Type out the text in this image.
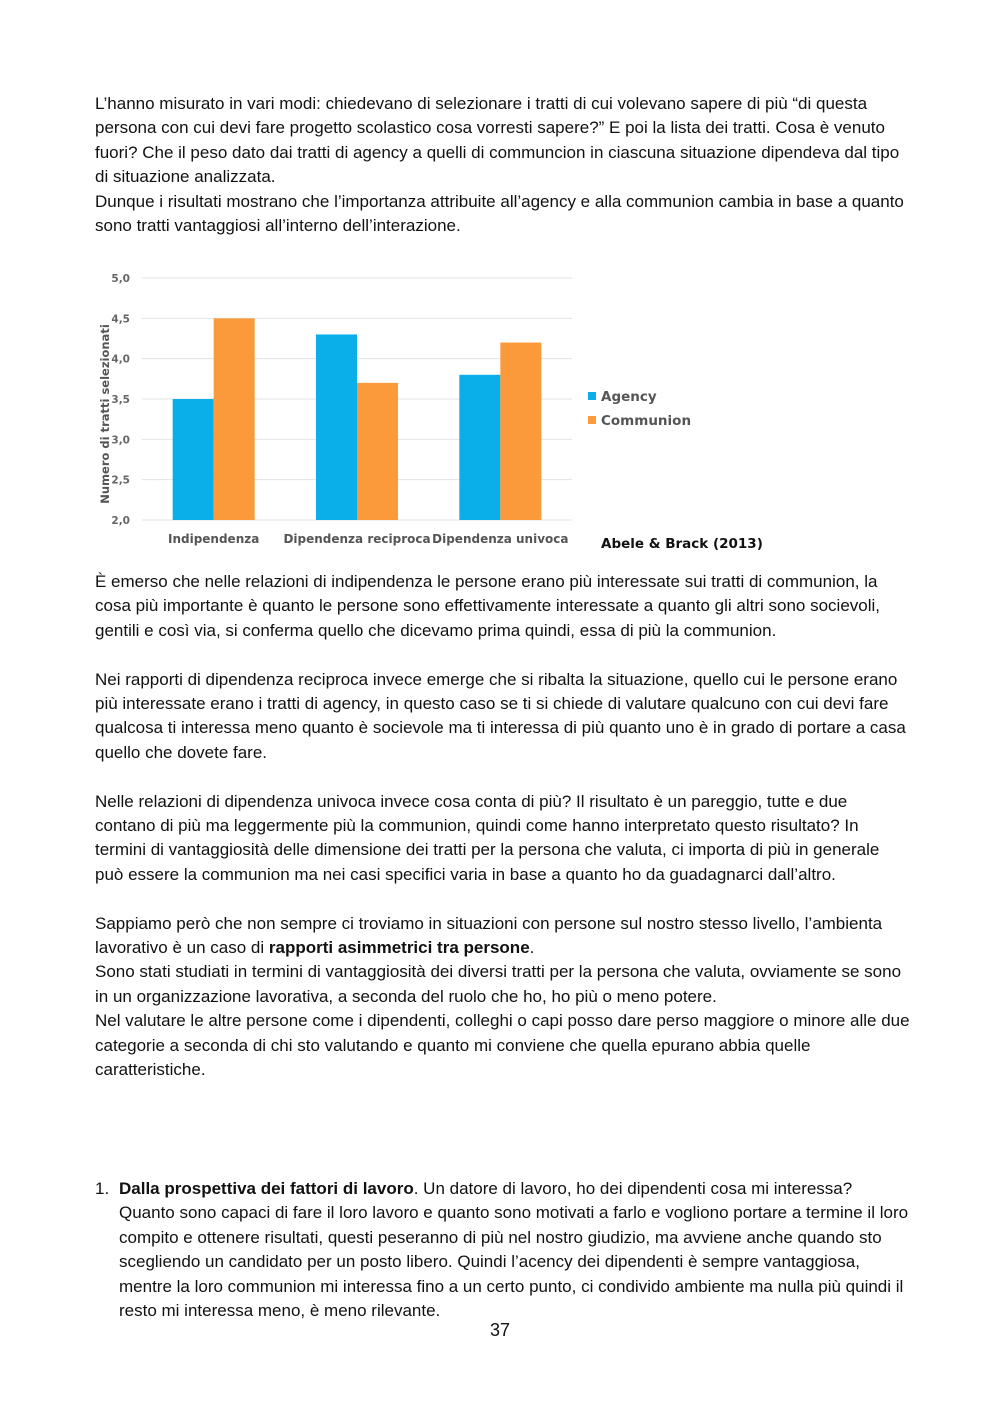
L’hanno misurato in vari modi: chiedevano di selezionare i tratti di cui volevano sapere di più “di questa persona con cui devi fare progetto scolastico cosa vorresti sapere?” E poi la lista dei tratti. Cosa è venuto fuori? Che il peso dato dai tratti di agency a quelli di communcion in ciascuna situazione dipendeva dal tipo di situazione analizzata.

Dunque i risultati mostrano che l’importanza attribuite all’agency e alla communion cambia in base a quanto sono tratti vantaggiosi all’interno dell’interazione.

2,0
2,5
3,0
3,5
4,0
4,5
5,0
Indipendenza Dipendenza reciproca Dipendenza univoca
Numero di tratti selezionati	Agency
Communion
Abele & Brack (2013)

È emerso che nelle relazioni di indipendenza le persone erano più interessate sui tratti di communion, la cosa più importante è quanto le persone sono effettivamente interessate a quanto gli altri sono socievoli, gentili e così via, si conferma quello che dicevamo prima quindi, essa di più la communion.

Nei rapporti di dipendenza reciproca invece emerge che si ribalta la situazione, quello cui le persone erano più interessate erano i tratti di agency, in questo caso se ti si chiede di valutare qualcuno con cui devi fare qualcosa ti interessa meno quanto è socievole ma ti interessa di più quanto uno è in grado di portare a casa quello che dovete fare.

Nelle relazioni di dipendenza univoca invece cosa conta di più? Il risultato è un pareggio, tutte e due contano di più ma leggermente più la communion, quindi come hanno interpretato questo risultato? In termini di vantaggiosità delle dimensione dei tratti per la persona che valuta, ci importa di più in generale può essere la communion ma nei casi specifici varia in base a quanto ho da guadagnarci dall’altro.

Sappiamo però che non sempre ci troviamo in situazioni con persone sul nostro stesso livello, l’ambienta lavorativo è un caso di rapporti asimmetrici tra persone.

Sono stati studiati in termini di vantaggiosità dei diversi tratti per la persona che valuta, ovviamente se sono in un organizzazione lavorativa, a seconda del ruolo che ho, ho più o meno potere.

Nel valutare le altre persone come i dipendenti, colleghi o capi posso dare perso maggiore o minore alle due categorie a seconda di chi sto valutando e quanto mi conviene che quella epurano abbia quelle caratteristiche.

1. Dalla prospettiva dei fattori di lavoro. Un datore di lavoro, ho dei dipendenti cosa mi interessa? Quanto sono capaci di fare il loro lavoro e quanto sono motivati a farlo e vogliono portare a termine il loro compito e ottenere risultati, questi peseranno di più nel nostro giudizio, ma avviene anche quando sto scegliendo un candidato per un posto libero. Quindi l’acency dei dipendenti è sempre vantaggiosa, mentre la loro communion mi interessa fino a un certo punto, ci condivido ambiente ma nulla più quindi il resto mi interessa meno, è meno rilevante.
37
